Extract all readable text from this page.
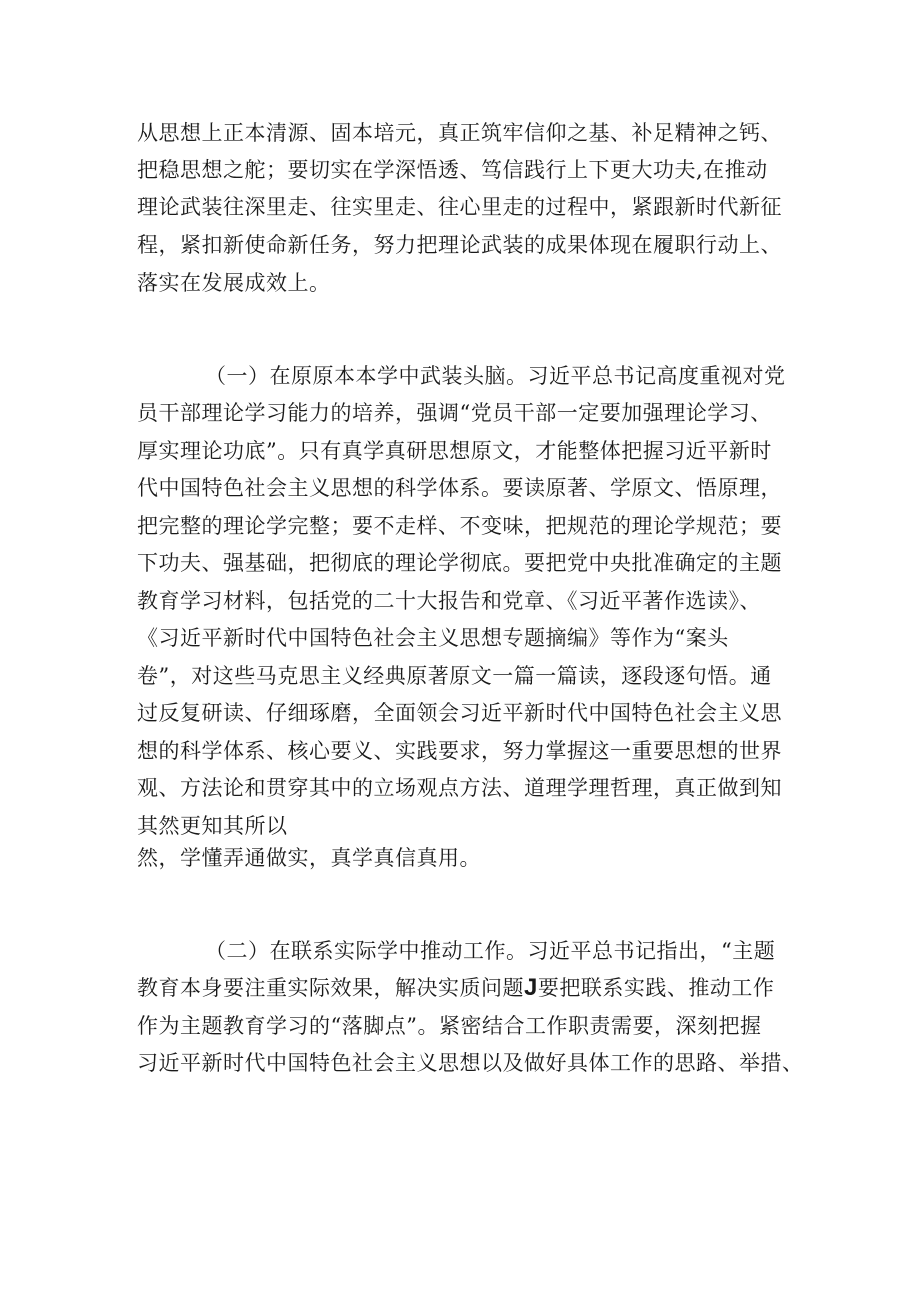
从思想上正本清源、固本培元，真正筑牢信仰之基、补足精神之钙、

把稳思想之舵；要切实在学深悟透、笃信践行上下更大功夫,在推动

理论武装往深里走、往实里走、往心里走的过程中，紧跟新时代新征

程，紧扣新使命新任务，努力把理论武装的成果体现在履职行动上、

落实在发展成效上。

（一）在原原本本学中武装头脑。习近平总书记高度重视对党

员干部理论学习能力的培养，强调“党员干部一定要加强理论学习、

厚实理论功底”。只有真学真研思想原文，才能整体把握习近平新时

代中国特色社会主义思想的科学体系。要读原著、学原文、悟原理，

把完整的理论学完整；要不走样、不变味，把规范的理论学规范；要

下功夫、强基础，把彻底的理论学彻底。要把党中央批准确定的主题

教育学习材料，包括党的二十大报告和党章、《习近平著作选读》、

《习近平新时代中国特色社会主义思想专题摘编》等作为“案头

卷”，对这些马克思主义经典原著原文一篇一篇读，逐段逐句悟。通

过反复研读、仔细琢磨，全面领会习近平新时代中国特色社会主义思

想的科学体系、核心要义、实践要求，努力掌握这一重要思想的世界

观、方法论和贯穿其中的立场观点方法、道理学理哲理，真正做到知

其然更知其所以

然，学懂弄通做实，真学真信真用。

（二）在联系实际学中推动工作。习近平总书记指出，“主题

教育本身要注重实际效果，解决实质问题J要把联系实践、推动工作

作为主题教育学习的“落脚点”。紧密结合工作职责需要，深刻把握

习近平新时代中国特色社会主义思想以及做好具体工作的思路、举措、
